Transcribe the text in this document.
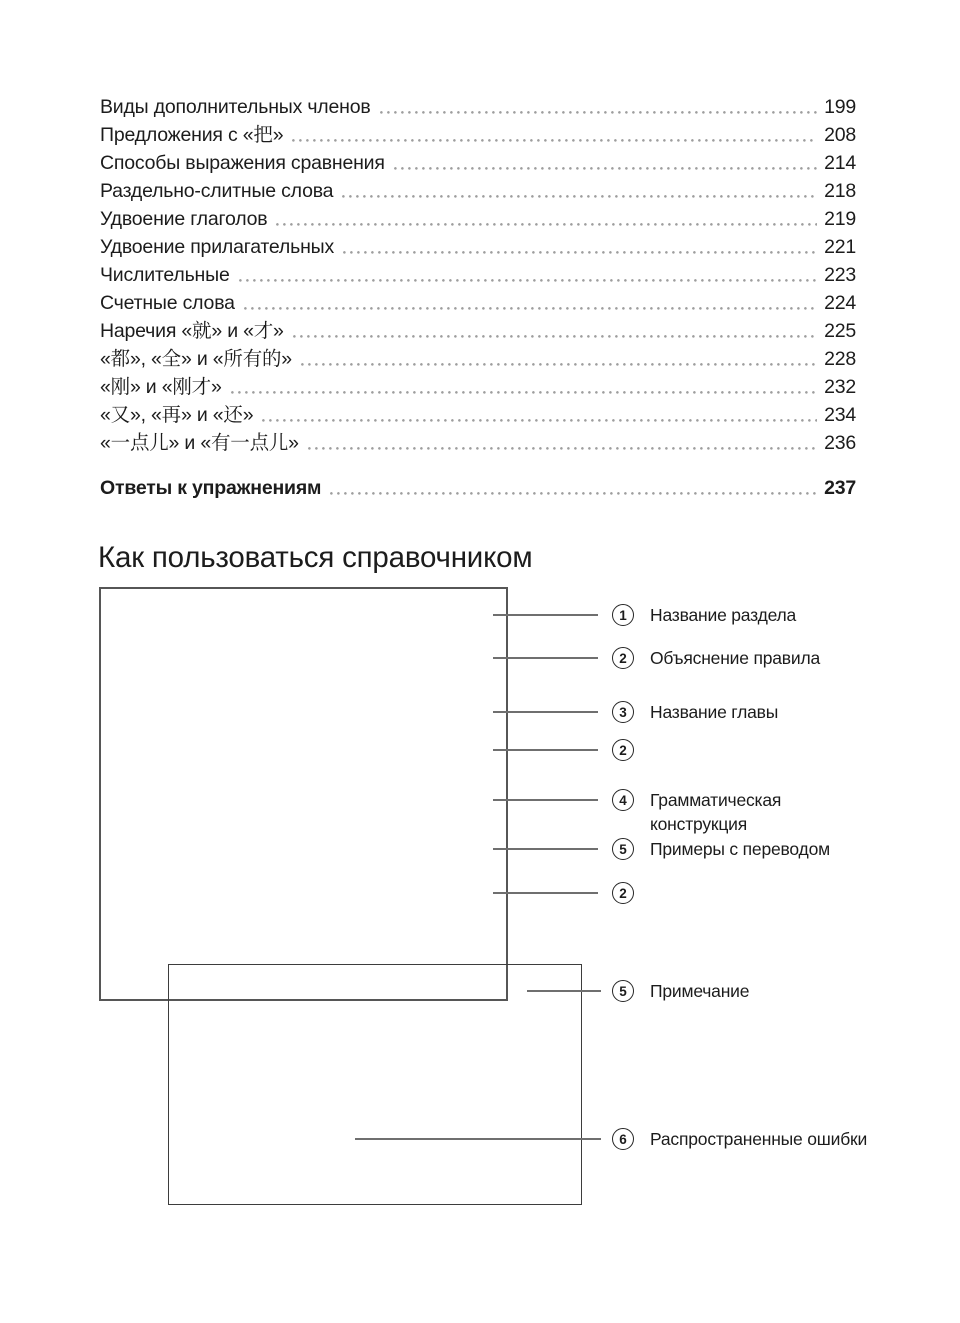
Виды дополнительных членов	199
Предложения с «把»	208
Способы выражения сравнения	214
Раздельно-слитные слова	218
Удвоение глаголов	219
Удвоение прилагательных	221
Числительные	223
Счетные слова	224
Наречия «就» и «才»	225
«都», «全» и «所有的»	228
«刚» и «刚才»	232
«又», «再» и «还»	234
«一点儿» и «有一点儿»	236
Ответы к упражнениям	237
Как пользоваться справочником
1 Название раздела
2 Объяснение правила
3 Название главы
2
4 Грамматическая конструкция
5 Примеры с переводом
2
5 Примечание
6 Распространенные ошибки
